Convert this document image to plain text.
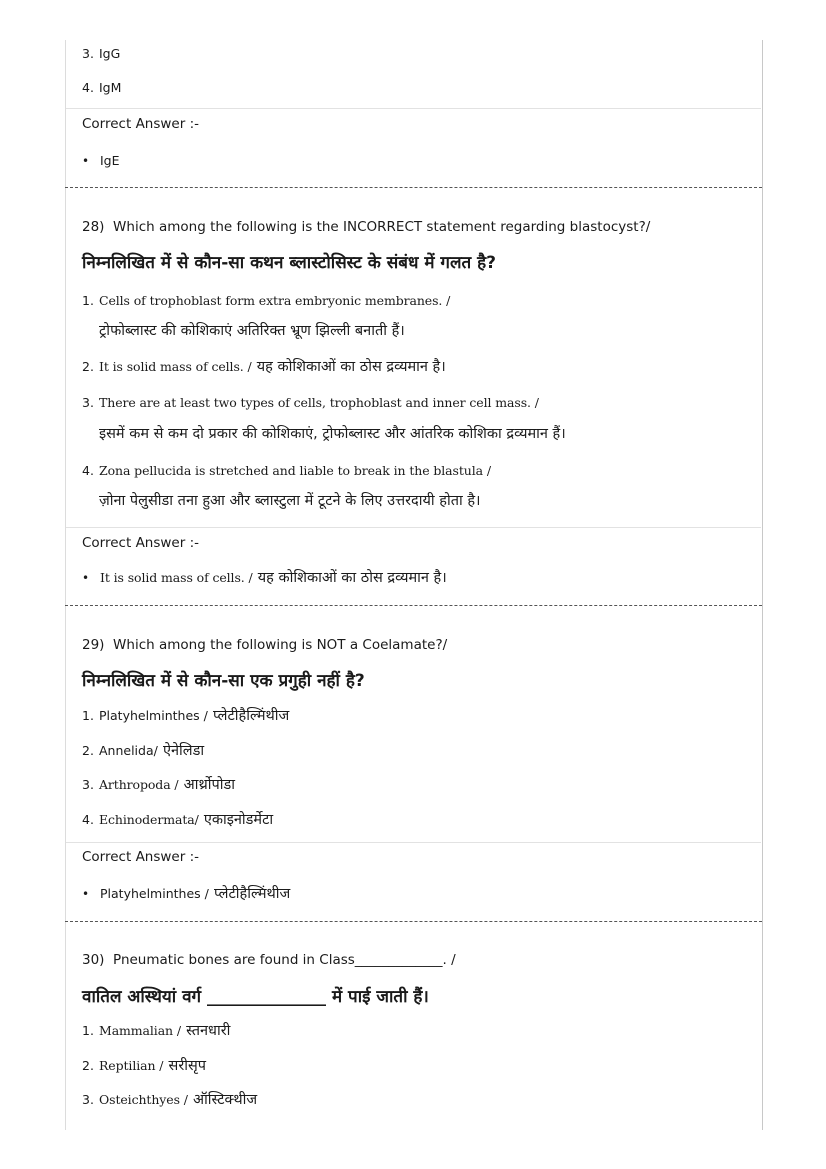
3. IgG
4. IgM
Correct Answer :-
• IgE
28) Which among the following is the INCORRECT statement regarding blastocyst?/
निम्नलिखित में से कौन-सा कथन ब्लास्टोसिस्ट के संबंध में गलत है?
1. Cells of trophoblast form extra embryonic membranes. /
ट्रोफोब्लास्ट की कोशिकाएं अतिरिक्त भ्रूण झिल्ली बनाती हैं।
2. It is solid mass of cells. / यह कोशिकाओं का ठोस द्रव्यमान है।
3. There are at least two types of cells, trophoblast and inner cell mass. /
इसमें कम से कम दो प्रकार की कोशिकाएं, ट्रोफोब्लास्ट और आंतरिक कोशिका द्रव्यमान हैं।
4. Zona pellucida is stretched and liable to break in the blastula /
ज़ोना पेलुसीडा तना हुआ और ब्लास्टुला में टूटने के लिए उत्तरदायी होता है।
Correct Answer :-
• It is solid mass of cells. / यह कोशिकाओं का ठोस द्रव्यमान है।
29) Which among the following is NOT a Coelamate?/
निम्नलिखित में से कौन-सा एक प्रगुही नहीं है?
1. Platyhelminthes / प्लेटीहैल्मिंथीज
2. Annelida/ ऐनेलिडा
3. Arthropoda / आर्थ्रोपोडा
4. Echinodermata/ एकाइनोडर्मेटा
Correct Answer :-
• Platyhelminthes / प्लेटीहैल्मिंथीज
30) Pneumatic bones are found in Class_____________. /
वातिल अस्थियां वर्ग ______________ में पाई जाती हैं।
1. Mammalian / स्तनधारी
2. Reptilian / सरीसृप
3. Osteichthyes / ऑस्टिक्थीज
